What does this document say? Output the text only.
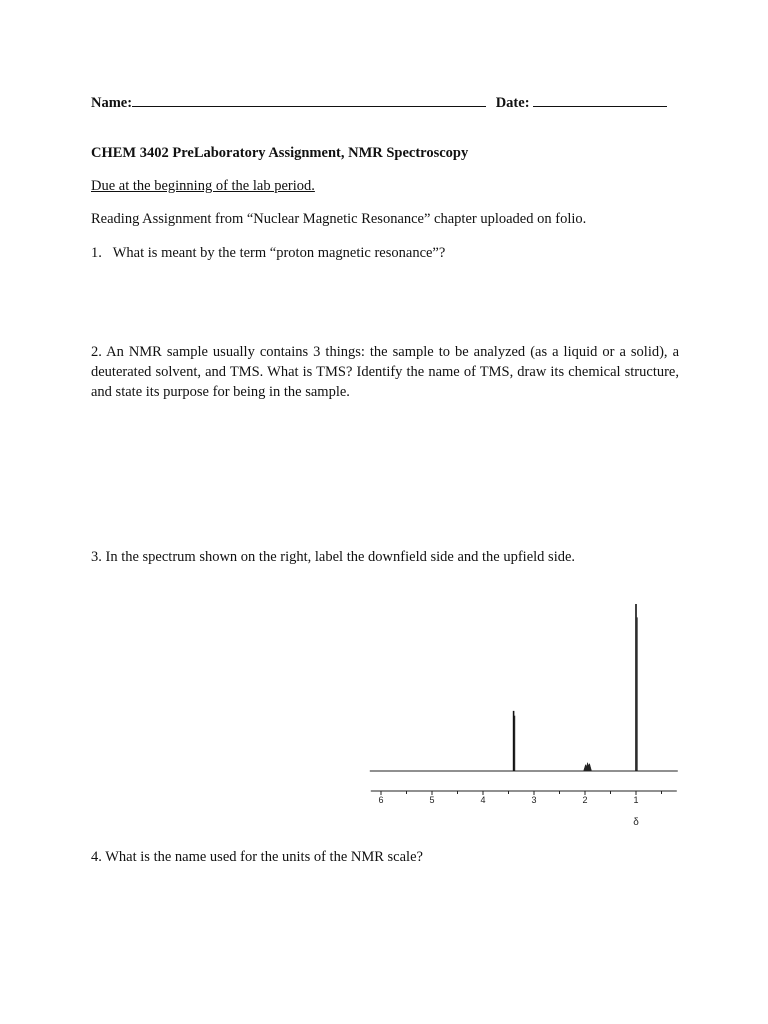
Name:	Date:
CHEM 3402 PreLaboratory Assignment, NMR Spectroscopy
Due at the beginning of the lab period.
Reading Assignment from “Nuclear Magnetic Resonance” chapter uploaded on folio.
1. What is meant by the term “proton magnetic resonance”?
2. An NMR sample usually contains 3 things: the sample to be analyzed (as a liquid or a solid), a deuterated solvent, and TMS. What is TMS? Identify the name of TMS, draw its chemical structure, and state its purpose for being in the sample.
3. In the spectrum shown on the right, label the downfield side and the upfield side.
6	5	4	3	2	1
δ
4. What is the name used for the units of the NMR scale?
